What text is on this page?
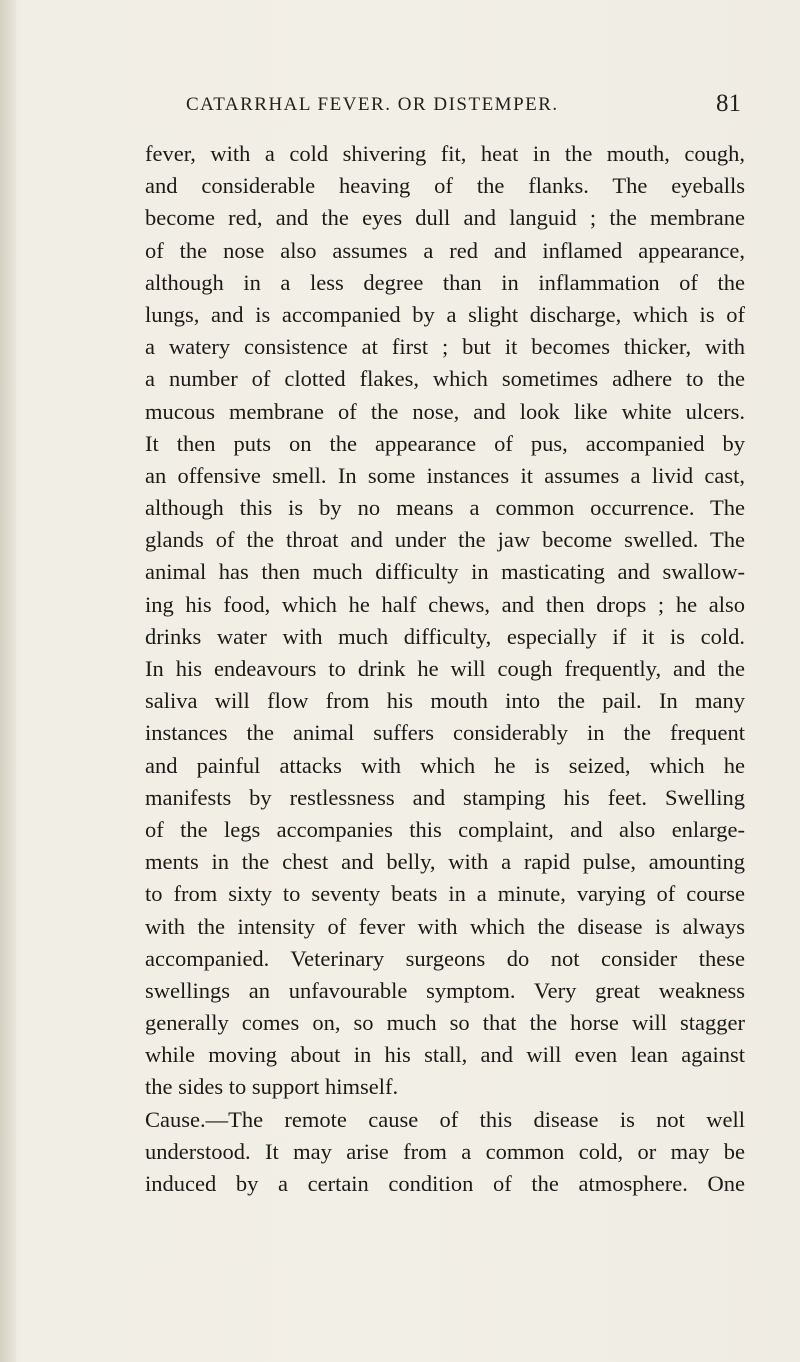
CATARRHAL FEVER. OR DISTEMPER.	81
fever, with a cold shivering fit, heat in the mouth, cough,
and considerable heaving of the flanks. The eyeballs
become red, and the eyes dull and languid ; the membrane
of the nose also assumes a red and inflamed appearance,
although in a less degree than in inflammation of the
lungs, and is accompanied by a slight discharge, which is of
a watery consistence at first ; but it becomes thicker, with
a number of clotted flakes, which sometimes adhere to the
mucous membrane of the nose, and look like white ulcers.
It then puts on the appearance of pus, accompanied by
an offensive smell. In some instances it assumes a livid cast,
although this is by no means a common occurrence. The
glands of the throat and under the jaw become swelled. The
animal has then much difficulty in masticating and swallow-
ing his food, which he half chews, and then drops ; he also
drinks water with much difficulty, especially if it is cold.
In his endeavours to drink he will cough frequently, and the
saliva will flow from his mouth into the pail. In many
instances the animal suffers considerably in the frequent
and painful attacks with which he is seized, which he
manifests by restlessness and stamping his feet. Swelling
of the legs accompanies this complaint, and also enlarge-
ments in the chest and belly, with a rapid pulse, amounting
to from sixty to seventy beats in a minute, varying of course
with the intensity of fever with which the disease is always
accompanied. Veterinary surgeons do not consider these
swellings an unfavourable symptom. Very great weakness
generally comes on, so much so that the horse will stagger
while moving about in his stall, and will even lean against
the sides to support himself.
Cause.—The remote cause of this disease is not well
understood. It may arise from a common cold, or may be
induced by a certain condition of the atmosphere. One
